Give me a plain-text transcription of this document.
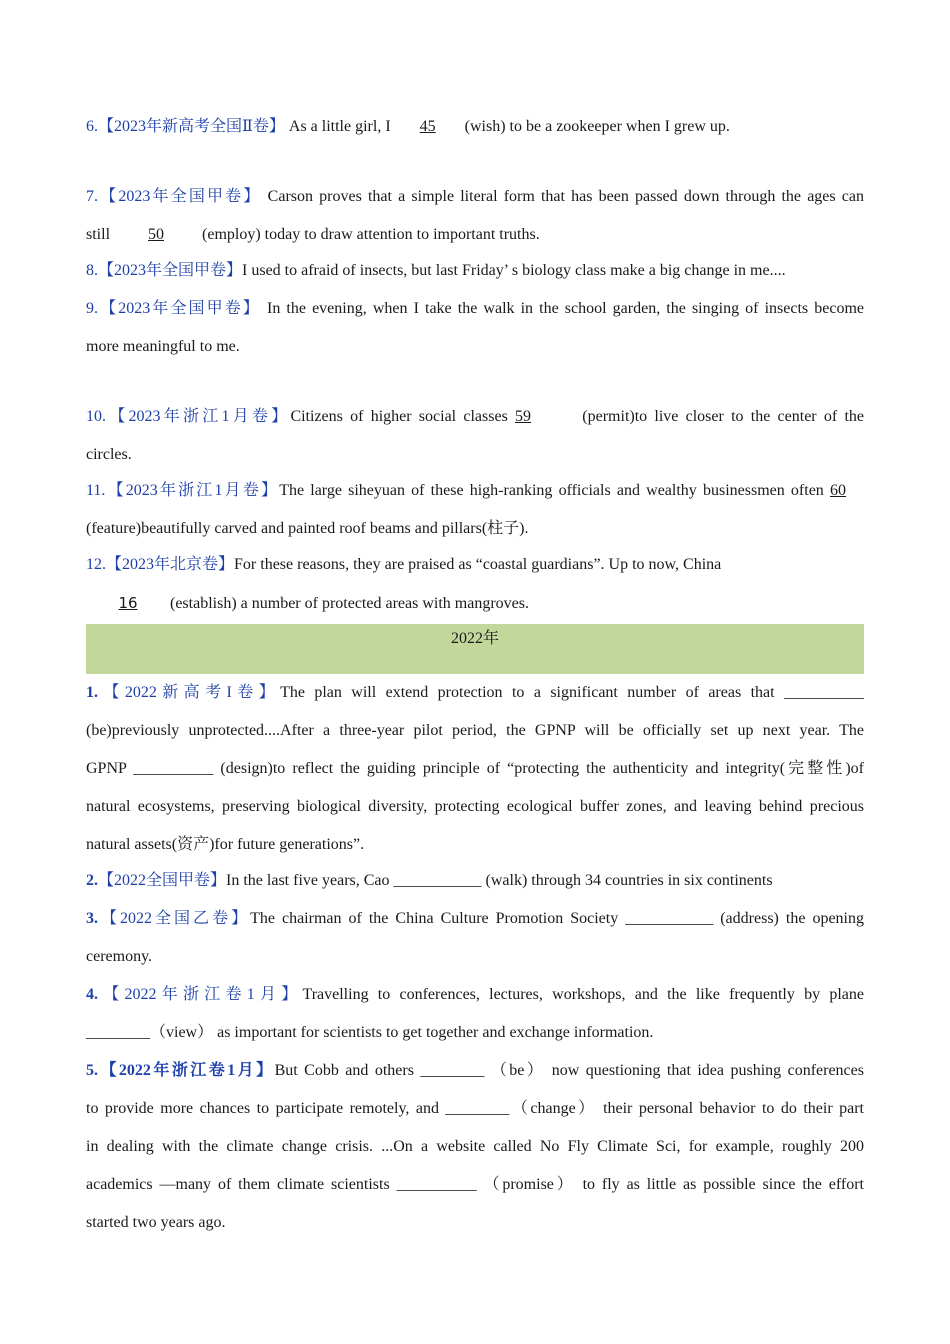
6.【2023年新高考全国Ⅱ卷】 As a little girl, I 45 (wish) to be a zookeeper when I grew up.
7.【2023年全国甲卷】 Carson proves that a simple literal form that has been passed down through the ages can
still 50 (employ) today to draw attention to important truths.
8.【2023年全国甲卷】I used to afraid of insects, but last Friday’ s biology class make a big change in me....
9.【2023年全国甲卷】 In the evening, when I take the walk in the school garden, the singing of insects become
more meaningful to me.
10.【2023年浙江1月卷】Citizens of higher social classes 59	(permit)to live closer to the center of the
circles.
11.【2023年浙江1月卷】The large siheyuan of these high-ranking officials and wealthy businessmen often 60
(feature)beautifully carved and painted roof beams and pillars(柱子).
12.【2023年北京卷】For these reasons, they are praised as “coastal guardians”. Up to now, China
16 (establish) a number of protected areas with mangroves.
2022年
1.【2022新高考I卷】The plan will extend protection to a significant number of areas that __________
(be)previously unprotected....After a three-year pilot period, the GPNP will be officially set up next year. The
GPNP __________ (design)to reflect the guiding principle of “protecting the authenticity and integrity(完整性)of
natural ecosystems, preserving biological diversity, protecting ecological buffer zones, and leaving behind precious
natural assets(资产)for future generations”.
2.【2022全国甲卷】In the last five years, Cao ___________ (walk) through 34 countries in six continents
3.【2022全国乙卷】The chairman of the China Culture Promotion Society ___________ (address) the opening
ceremony.
4.【2022年浙江卷1月】Travelling to conferences, lectures, workshops, and the like frequently by plane
________（view） as important for scientists to get together and exchange information.
5.【2022年浙江卷1月】But Cobb and others ________ （be） now questioning that idea pushing conferences
to provide more chances to participate remotely, and ________（change） their personal behavior to do their part
in dealing with the climate change crisis. ...On a website called No Fly Climate Sci, for example, roughly 200
academics —many of them climate scientists __________ （promise） to fly as little as possible since the effort
started two years ago.
